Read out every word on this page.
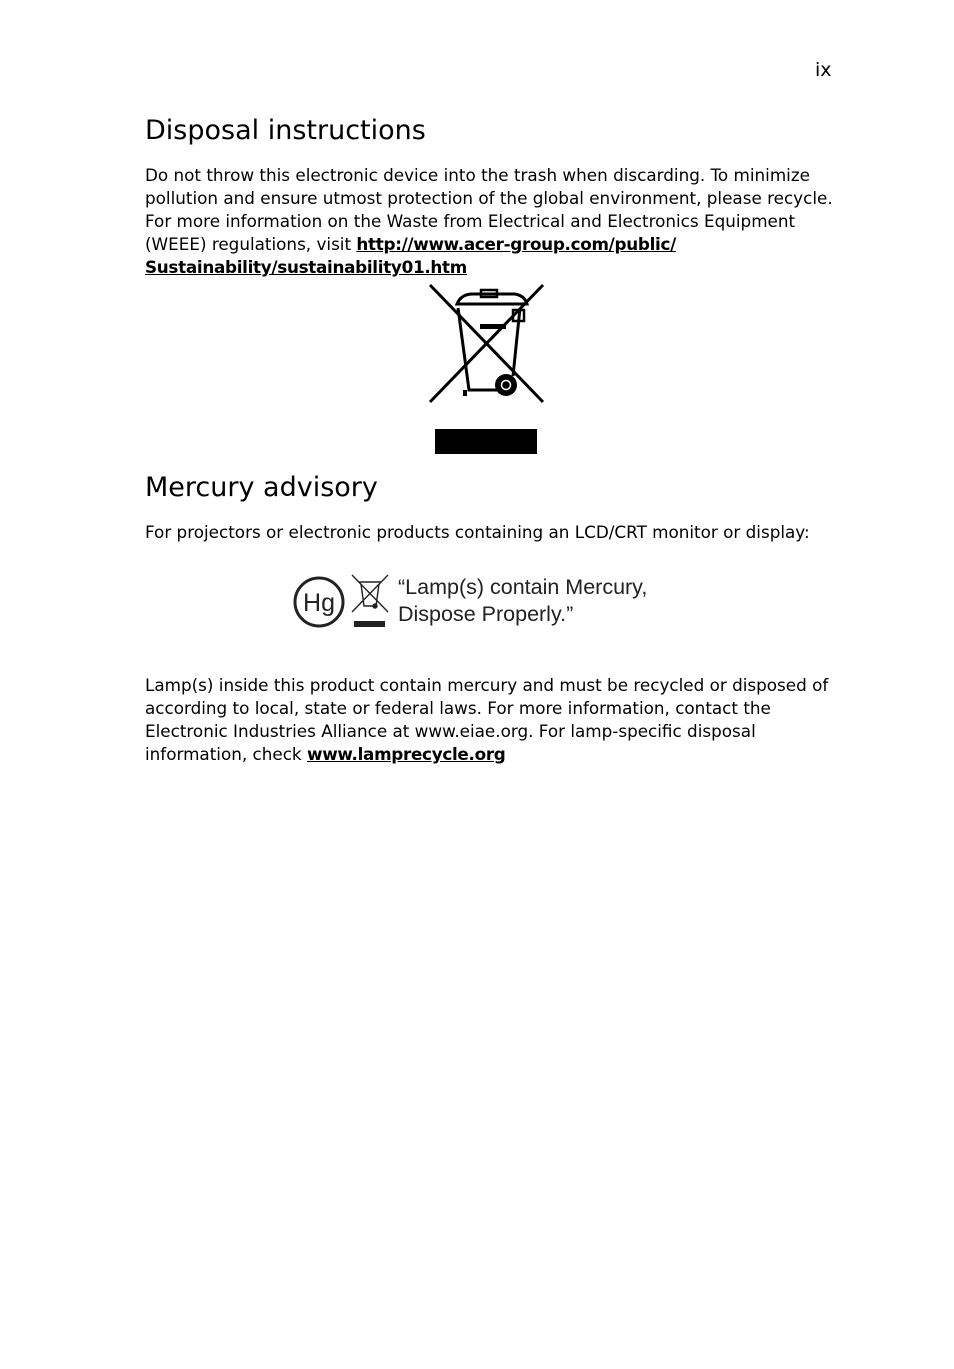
ix
Disposal instructions

Do not throw this electronic device into the trash when discarding. To minimize pollution and ensure utmost protection of the global environment, please recycle. For more information on the Waste from Electrical and Electronics Equipment (WEEE) regulations, visit http://www.acer-group.com/public/
Sustainability/sustainability01.htm

Mercury advisory

For projectors or electronic products containing an LCD/CRT monitor or display:

Hg

“Lamp(s) contain Mercury,
Dispose Properly.”

Lamp(s) inside this product contain mercury and must be recycled or disposed of according to local, state or federal laws. For more information, contact the Electronic Industries Alliance at www.eiae.org. For lamp-specific disposal information, check www.lamprecycle.org
